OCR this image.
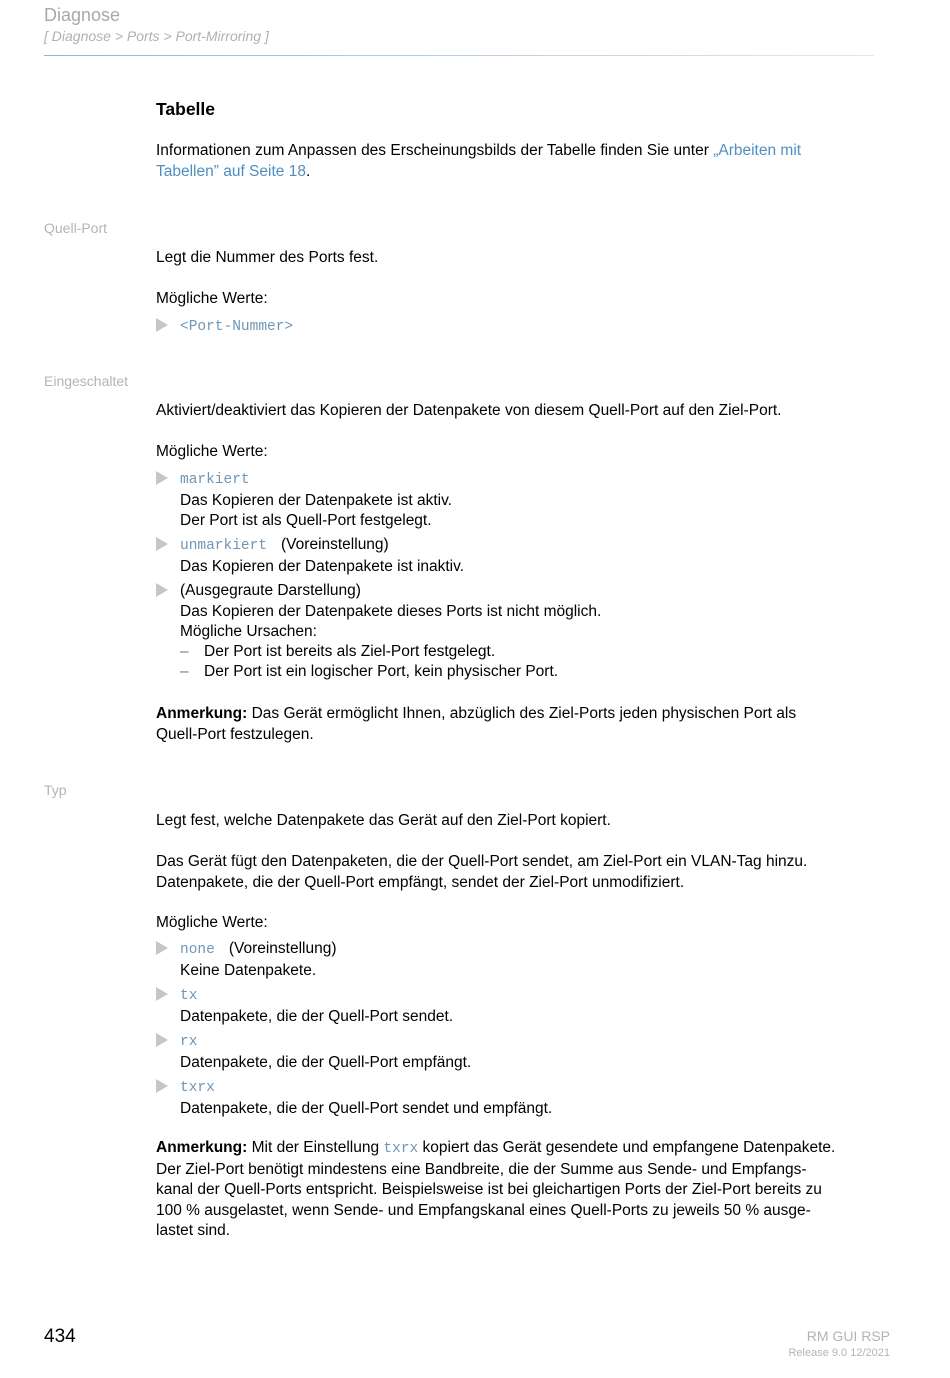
Diagnose
[ Diagnose > Ports > Port-Mirroring ]
Tabelle
Informationen zum Anpassen des Erscheinungsbilds der Tabelle finden Sie unter „Arbeiten mit
Tabellen” auf Seite 18.
Quell-Port
Legt die Nummer des Ports fest.
Mögliche Werte:
<Port-Nummer>
Eingeschaltet
Aktiviert/deaktiviert das Kopieren der Datenpakete von diesem Quell-Port auf den Ziel-Port.
Mögliche Werte:
markiert
Das Kopieren der Datenpakete ist aktiv.
Der Port ist als Quell-Port festgelegt.
unmarkiert (Voreinstellung)
Das Kopieren der Datenpakete ist inaktiv.
(Ausgegraute Darstellung)
Das Kopieren der Datenpakete dieses Ports ist nicht möglich.
Mögliche Ursachen:
– Der Port ist bereits als Ziel-Port festgelegt.
– Der Port ist ein logischer Port, kein physischer Port.
Anmerkung: Das Gerät ermöglicht Ihnen, abzüglich des Ziel-Ports jeden physischen Port als
Quell-Port festzulegen.
Typ
Legt fest, welche Datenpakete das Gerät auf den Ziel-Port kopiert.
Das Gerät fügt den Datenpaketen, die der Quell-Port sendet, am Ziel-Port ein VLAN-Tag hinzu.
Datenpakete, die der Quell-Port empfängt, sendet der Ziel-Port unmodifiziert.
Mögliche Werte:
none (Voreinstellung)
Keine Datenpakete.
tx
Datenpakete, die der Quell-Port sendet.
rx
Datenpakete, die der Quell-Port empfängt.
txrx
Datenpakete, die der Quell-Port sendet und empfängt.
Anmerkung: Mit der Einstellung txrx kopiert das Gerät gesendete und empfangene Datenpakete.
Der Ziel-Port benötigt mindestens eine Bandbreite, die der Summe aus Sende- und Empfangs-
kanal der Quell-Ports entspricht. Beispielsweise ist bei gleichartigen Ports der Ziel-Port bereits zu
100 % ausgelastet, wenn Sende- und Empfangskanal eines Quell-Ports zu jeweils 50 % ausge-
lastet sind.
434	RM GUI RSP
Release 9.0 12/2021
